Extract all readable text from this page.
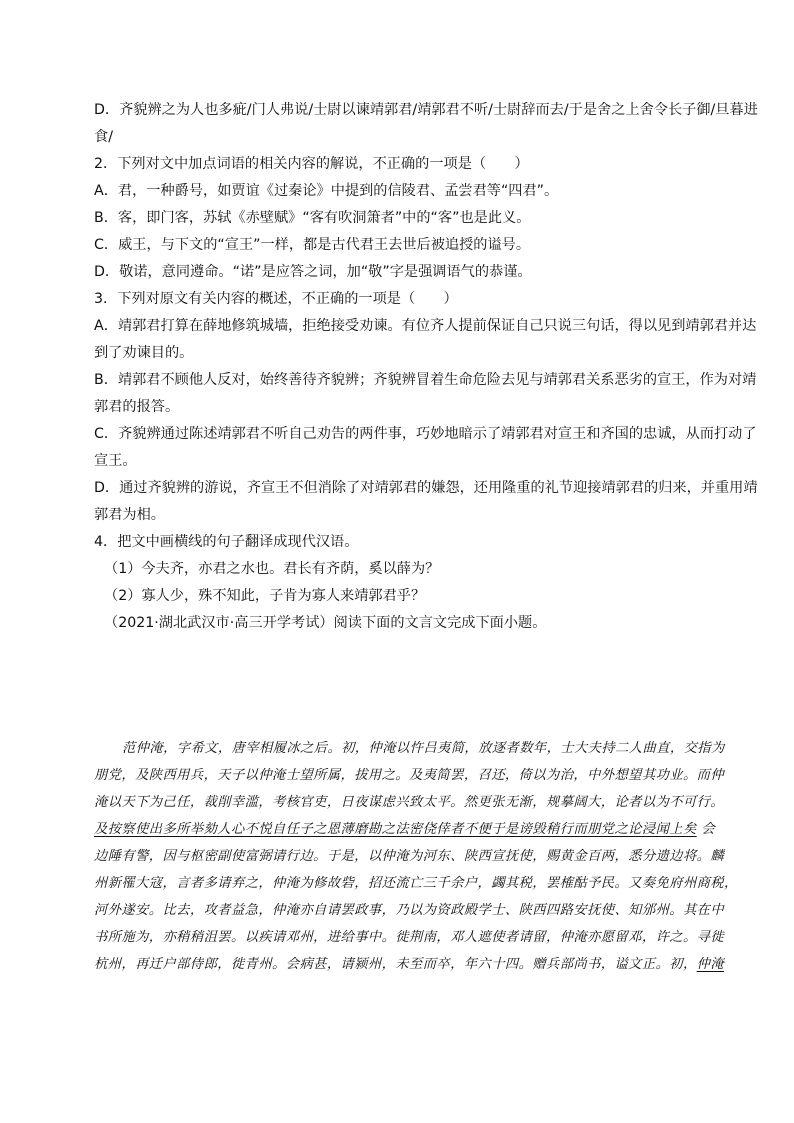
D．齐貌辨之为人也多疵/门人弗说/士尉以谏靖郭君/靖郭君不听/士尉辞而去/于是舍之上舍令长子御/旦暮进
食/
2．下列对文中加点词语的相关内容的解说，不正确的一项是（　　）
A．君，一种爵号，如贾谊《过秦论》中提到的信陵君、孟尝君等“四君”。
B．客，即门客，苏轼《赤壁赋》“客有吹洞箫者”中的“客”也是此义。
C．威王，与下文的“宣王”一样，都是古代君王去世后被追授的谥号。
D．敬诺，意同遵命。“诺”是应答之词，加“敬”字是强调语气的恭谨。
3．下列对原文有关内容的概述，不正确的一项是（　　）
A．靖郭君打算在薛地修筑城墙，拒绝接受劝谏。有位齐人提前保证自己只说三句话，得以见到靖郭君并达
到了劝谏目的。
B．靖郭君不顾他人反对，始终善待齐貌辨；齐貌辨冒着生命危险去见与靖郭君关系恶劣的宣王，作为对靖
郭君的报答。
C．齐貌辨通过陈述靖郭君不听自己劝告的两件事，巧妙地暗示了靖郭君对宣王和齐国的忠诚，从而打动了
宣王。
D．通过齐貌辨的游说，齐宣王不但消除了对靖郭君的嫌怨，还用隆重的礼节迎接靖郭君的归来，并重用靖
郭君为相。
4．把文中画横线的句子翻译成现代汉语。
（1）今夫齐，亦君之水也。君长有齐荫，奚以薛为？
（2）寡人少，殊不知此，子肯为寡人来靖郭君乎？
（2021·湖北武汉市·高三开学考试）阅读下面的文言文完成下面小题。
范仲淹，字希文，唐宰相履冰之后。初，仲淹以忤吕夷简，放逐者数年，士大夫持二人曲直，交指为
朋党，及陕西用兵，天子以仲淹士望所属，拔用之。及夷简罢，召还，倚以为治，中外想望其功业。而仲
淹以天下为己任，裁削幸滥，考核官吏，日夜谋虑兴致太平。然更张无渐，规摹阔大，论者以为不可行。
及按察使出多所举劾人心不悦自任子之恩薄磨勘之法密侥倖者不便于是谤毁稍行而朋党之论浸闻上矣 会
边陲有警，因与枢密副使富弼请行边。于是，以仲淹为河东、陕西宣抚使，赐黄金百两，悉分遗边将。麟
州新罹大寇，言者多请弃之，仲淹为修故砦，招还流亡三千余户，蠲其税，罢榷酤予民。又奏免府州商税，
河外遂安。比去，攻者益急，仲淹亦自请罢政事，乃以为资政殿学士、陕西四路安抚使、知邠州。其在中
书所施为，亦稍稍沮罢。以疾请邓州，进给事中。徙荆南，邓人遮使者请留，仲淹亦愿留邓，许之。寻徙
杭州，再迁户部侍郎，徙青州。会病甚，请颍州，未至而卒，年六十四。赠兵部尚书，谥文正。初，仲淹
